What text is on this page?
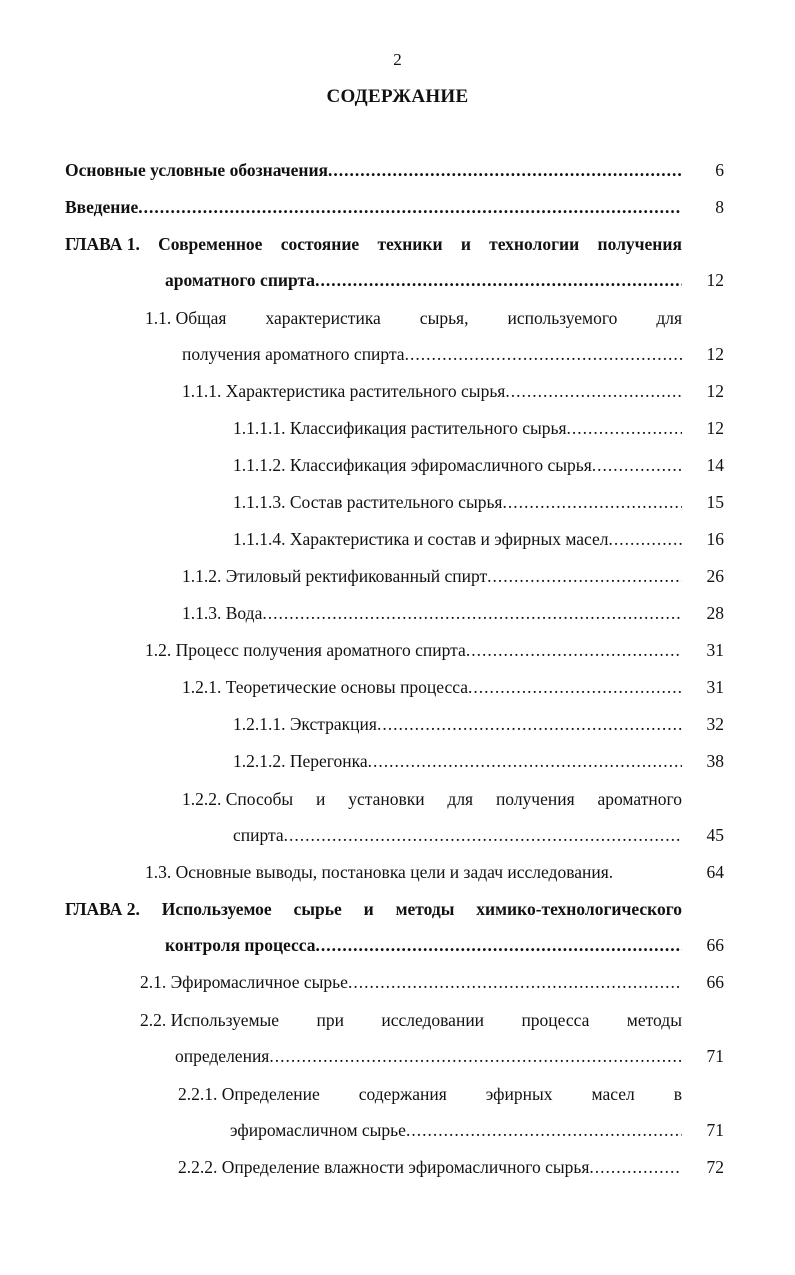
2
СОДЕРЖАНИЕ
Основные условные обозначения .....	6
Введение .....	8
ГЛАВА 1. Современное состояние техники и технологии получения
ароматного спирта .....	12
1.1. Общая характеристика сырья, используемого для
получения ароматного спирта .....	12
1.1.1. Характеристика растительного сырья .....	12
1.1.1.1. Классификация растительного сырья .....	12
1.1.1.2. Классификация эфиромасличного сырья .....	14
1.1.1.3. Состав растительного сырья .....	15
1.1.1.4. Характеристика и состав и эфирных масел .....	16
1.1.2. Этиловый ректификованный спирт .....	26
1.1.3. Вода .....	28
1.2. Процесс получения ароматного спирта .....	31
1.2.1. Теоретические основы процесса .....	31
1.2.1.1. Экстракция .....	32
1.2.1.2. Перегонка .....	38
1.2.2. Способы и установки для получения ароматного
спирта .....	45
1.3. Основные выводы, постановка цели и задач исследования.	64
ГЛАВА 2. Используемое сырье и методы химико-технологического
контроля процесса .....	66
2.1. Эфиромасличное сырье .....	66
2.2. Используемые при исследовании процесса методы
определения .....	71
2.2.1. Определение содержания эфирных масел в
эфиромасличном сырье .....	71
2.2.2. Определение влажности эфиромасличного сырья .....	72
